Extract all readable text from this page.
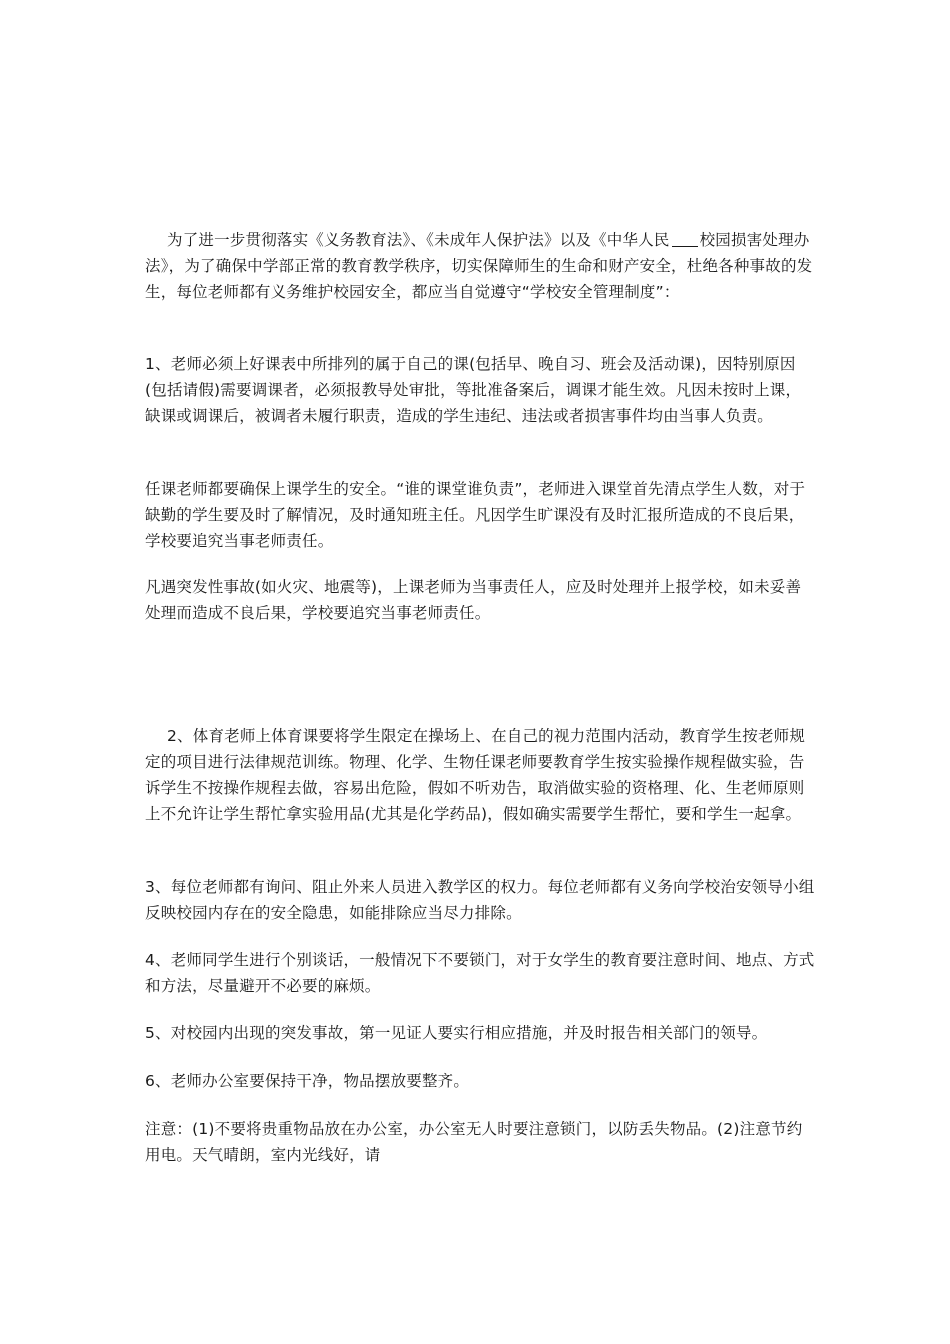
为了进一步贯彻落实《义务教育法》、《未成年人保护法》以及《中华人民 校园损害处理办法》，为了确保中学部正常的教育教学秩序，切实保障师生的生命和财产安全，杜绝各种事故的发生，每位老师都有义务维护校园安全，都应当自觉遵守“学校安全管理制度”：

1、老师必须上好课表中所排列的属于自己的课(包括早、晚自习、班会及活动课)，因特别原因(包括请假)需要调课者，必须报教导处审批，等批准备案后，调课才能生效。凡因未按时上课，缺课或调课后，被调者未履行职责，造成的学生违纪、违法或者损害事件均由当事人负责。

任课老师都要确保上课学生的安全。“谁的课堂谁负责”，老师进入课堂首先清点学生人数，对于缺勤的学生要及时了解情况，及时通知班主任。凡因学生旷课没有及时汇报所造成的不良后果，学校要追究当事老师责任。

凡遇突发性事故(如火灾、地震等)，上课老师为当事责任人，应及时处理并上报学校，如未妥善处理而造成不良后果，学校要追究当事老师责任。

2、体育老师上体育课要将学生限定在操场上、在自己的视力范围内活动，教育学生按老师规定的项目进行法律规范训练。物理、化学、生物任课老师要教育学生按实验操作规程做实验，告诉学生不按操作规程去做，容易出危险，假如不听劝告，取消做实验的资格理、化、生老师原则上不允许让学生帮忙拿实验用品(尤其是化学药品)，假如确实需要学生帮忙，要和学生一起拿。

3、每位老师都有询问、阻止外来人员进入教学区的权力。每位老师都有义务向学校治安领导小组反映校园内存在的安全隐患，如能排除应当尽力排除。

4、老师同学生进行个别谈话，一般情况下不要锁门，对于女学生的教育要注意时间、地点、方式和方法，尽量避开不必要的麻烦。

5、对校园内出现的突发事故，第一见证人要实行相应措施，并及时报告相关部门的领导。

6、老师办公室要保持干净，物品摆放要整齐。

注意：(1)不要将贵重物品放在办公室，办公室无人时要注意锁门，以防丢失物品。(2)注意节约用电。天气晴朗，室内光线好，请
